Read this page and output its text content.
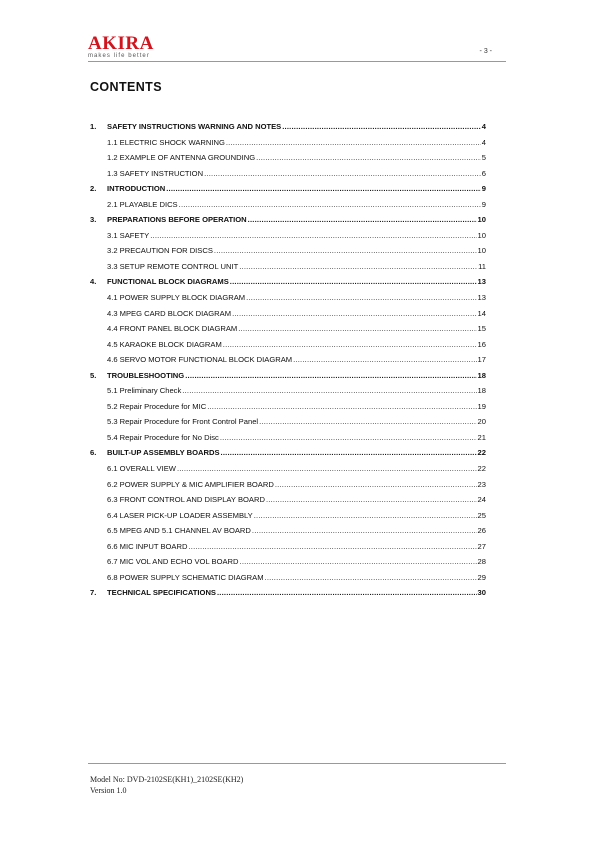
AKIRA
makes life better
- 3 -
CONTENTS
1.	SAFETY INSTRUCTIONS WARNING AND NOTES .....	4
1.1 ELECTRIC SHOCK WARNING .....	4
1.2 EXAMPLE OF ANTENNA GROUNDING .....	5
1.3 SAFETY INSTRUCTION .....	6
2.	INTRODUCTION .....	9
2.1 PLAYABLE DICS .....	9
3.	PREPARATIONS BEFORE OPERATION .....	10
3.1 SAFETY .....	10
3.2 PRECAUTION FOR DISCS .....	10
3.3 SETUP REMOTE CONTROL UNIT .....	11
4.	FUNCTIONAL BLOCK DIAGRAMS .....	13
4.1 POWER SUPPLY BLOCK DIAGRAM .....	13
4.3 MPEG CARD BLOCK DIAGRAM .....	14
4.4 FRONT PANEL BLOCK DIAGRAM .....	15
4.5 KARAOKE BLOCK DIAGRAM .....	16
4.6 SERVO MOTOR FUNCTIONAL BLOCK DIAGRAM .....	17
5.	TROUBLESHOOTING .....	18
5.1 Preliminary Check .....	18
5.2 Repair Procedure for MIC .....	19
5.3 Repair Procedure for Front Control Panel .....	20
5.4 Repair Procedure for No Disc .....	21
6.	BUILT-UP ASSEMBLY BOARDS .....	22
6.1 OVERALL VIEW .....	22
6.2 POWER SUPPLY & MIC AMPLIFIER BOARD .....	23
6.3 FRONT CONTROL AND DISPLAY BOARD .....	24
6.4 LASER PICK-UP LOADER ASSEMBLY .....	25
6.5 MPEG AND 5.1 CHANNEL AV BOARD .....	26
6.6 MIC INPUT BOARD .....	27
6.7 MIC VOL AND ECHO VOL BOARD .....	28
6.8 POWER SUPPLY SCHEMATIC DIAGRAM .....	29
7.	TECHNICAL SPECIFICATIONS .....	30
Model No: DVD-2102SE(KH1)_2102SE(KH2)
Version 1.0
